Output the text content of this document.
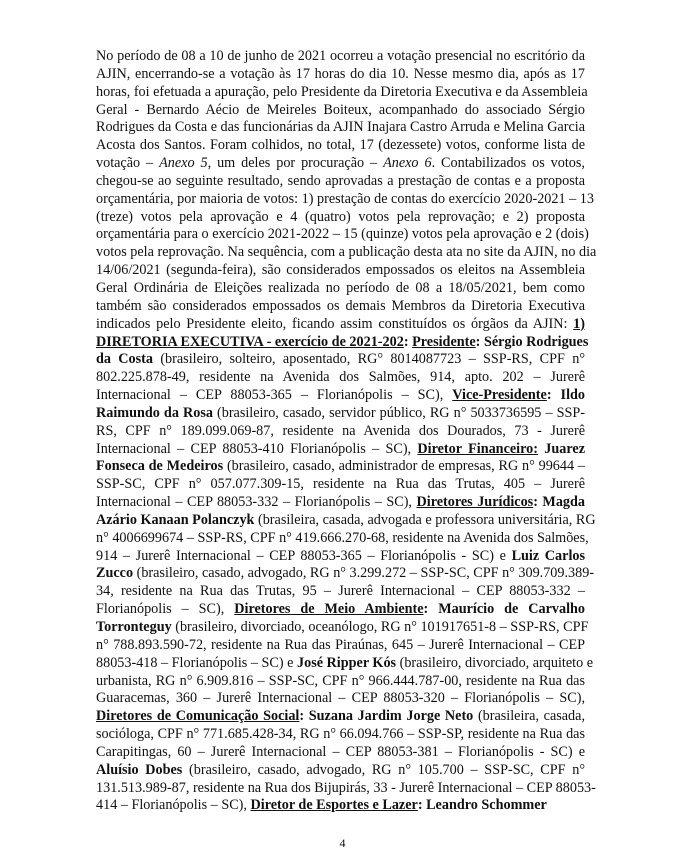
No período de 08 a 10 de junho de 2021 ocorreu a votação presencial no escritório da
AJIN, encerrando-se a votação às 17 horas do dia 10. Nesse mesmo dia, após as 17
horas, foi efetuada a apuração, pelo Presidente da Diretoria Executiva e da Assembleia
Geral - Bernardo Aécio de Meireles Boiteux, acompanhado do associado Sérgio
Rodrigues da Costa e das funcionárias da AJIN Inajara Castro Arruda e Melina Garcia
Acosta dos Santos. Foram colhidos, no total, 17 (dezessete) votos, conforme lista de
votação – Anexo 5, um deles por procuração – Anexo 6. Contabilizados os votos,
chegou-se ao seguinte resultado, sendo aprovadas a prestação de contas e a proposta
orçamentária, por maioria de votos: 1) prestação de contas do exercício 2020-2021 – 13
(treze) votos pela aprovação e 4 (quatro) votos pela reprovação; e 2) proposta
orçamentária para o exercício 2021-2022 – 15 (quinze) votos pela aprovação e 2 (dois)
votos pela reprovação. Na sequência, com a publicação desta ata no site da AJIN, no dia
14/06/2021 (segunda-feira), são considerados empossados os eleitos na Assembleia
Geral Ordinária de Eleições realizada no período de 08 a 18/05/2021, bem como
também são considerados empossados os demais Membros da Diretoria Executiva
indicados pelo Presidente eleito, ficando assim constituídos os órgãos da AJIN: 1)
DIRETORIA EXECUTIVA - exercício de 2021-202: Presidente: Sérgio Rodrigues
da Costa (brasileiro, solteiro, aposentado, RG° 8014087723 – SSP-RS, CPF n°
802.225.878-49, residente na Avenida dos Salmões, 914, apto. 202 – Jurerê
Internacional – CEP 88053-365 – Florianópolis – SC), Vice-Presidente: Ildo
Raimundo da Rosa (brasileiro, casado, servidor público, RG n° 5033736595 – SSP-
RS, CPF n° 189.099.069-87, residente na Avenida dos Dourados, 73 - Jurerê
Internacional – CEP 88053-410 Florianópolis – SC), Diretor Financeiro: Juarez
Fonseca de Medeiros (brasileiro, casado, administrador de empresas, RG n° 99644 –
SSP-SC, CPF n° 057.077.309-15, residente na Rua das Trutas, 405 – Jurerê
Internacional – CEP 88053-332 – Florianópolis – SC), Diretores Jurídicos: Magda
Azário Kanaan Polanczyk (brasileira, casada, advogada e professora universitária, RG
n° 4006699674 – SSP-RS, CPF n° 419.666.270-68, residente na Avenida dos Salmões,
914 – Jurerê Internacional – CEP 88053-365 – Florianópolis - SC) e Luiz Carlos
Zucco (brasileiro, casado, advogado, RG n° 3.299.272 – SSP-SC, CPF n° 309.709.389-
34, residente na Rua das Trutas, 95 – Jurerê Internacional – CEP 88053-332 –
Florianópolis – SC), Diretores de Meio Ambiente: Maurício de Carvalho
Torronteguy (brasileiro, divorciado, oceanólogo, RG n° 101917651-8 – SSP-RS, CPF
n° 788.893.590-72, residente na Rua das Piraúnas, 645 – Jurerê Internacional – CEP
88053-418 – Florianópolis – SC) e José Ripper Kós (brasileiro, divorciado, arquiteto e
urbanista, RG n° 6.909.816 – SSP-SC, CPF n° 966.444.787-00, residente na Rua das
Guaracemas, 360 – Jurerê Internacional – CEP 88053-320 – Florianópolis – SC),
Diretores de Comunicação Social: Suzana Jardim Jorge Neto (brasileira, casada,
socióloga, CPF n° 771.685.428-34, RG n° 66.094.766 – SSP-SP, residente na Rua das
Carapitingas, 60 – Jurerê Internacional – CEP 88053-381 – Florianópolis - SC) e
Aluísio Dobes (brasileiro, casado, advogado, RG n° 105.700 – SSP-SC, CPF n°
131.513.989-87, residente na Rua dos Bijupirás, 33 - Jurerê Internacional – CEP 88053-
414 – Florianópolis – SC), Diretor de Esportes e Lazer: Leandro Schommer
4
